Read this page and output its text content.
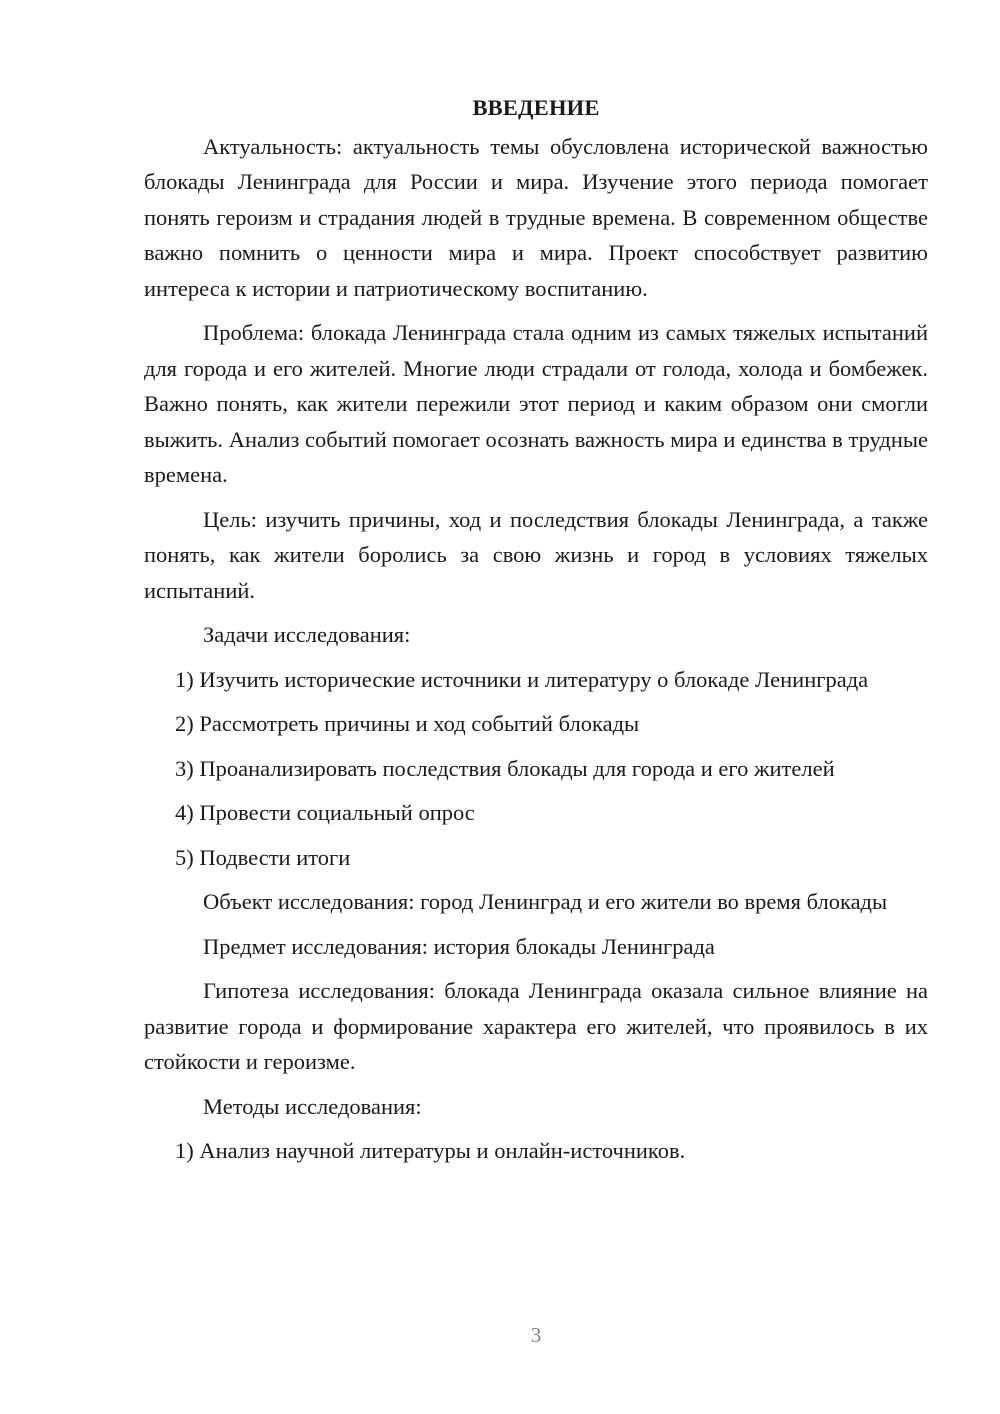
ВВЕДЕНИЕ

Актуальность: актуальность темы обусловлена исторической важностью блокады Ленинграда для России и мира. Изучение этого периода помогает понять героизм и страдания людей в трудные времена. В современном обществе важно помнить о ценности мира и мира. Проект способствует развитию интереса к истории и патриотическому воспитанию.

Проблема: блокада Ленинграда стала одним из самых тяжелых испытаний для города и его жителей. Многие люди страдали от голода, холода и бомбежек. Важно понять, как жители пережили этот период и каким образом они смогли выжить. Анализ событий помогает осознать важность мира и единства в трудные времена.

Цель: изучить причины, ход и последствия блокады Ленинграда, а также понять, как жители боролись за свою жизнь и город в условиях тяжелых испытаний.

Задачи исследования:

1) Изучить исторические источники и литературу о блокаде Ленинграда

2) Рассмотреть причины и ход событий блокады

3) Проанализировать последствия блокады для города и его жителей

4) Провести социальный опрос

5) Подвести итоги

Объект исследования: город Ленинград и его жители во время блокады

Предмет исследования: история блокады Ленинграда

Гипотеза исследования: блокада Ленинграда оказала сильное влияние на развитие города и формирование характера его жителей, что проявилось в их стойкости и героизме.

Методы исследования:

1) Анализ научной литературы и онлайн-источников.

3
